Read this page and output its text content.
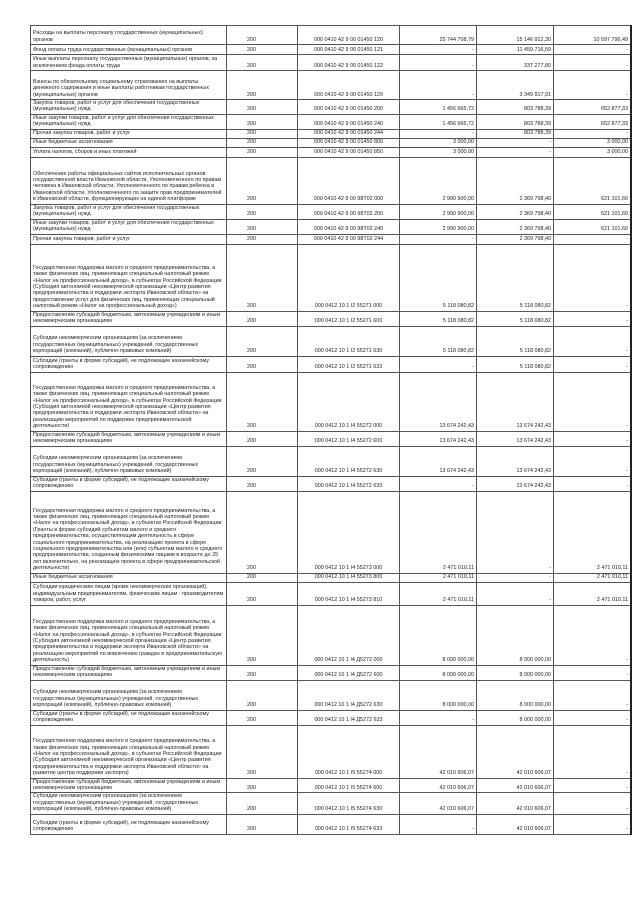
Расходы на выплаты персоналу государственных (муниципальных) органов	200	000 0410 42 9 00 01450 120	25 744 708,79	15 146 912,30	10 597 796,49
Фонд оплаты труда государственных (муниципальных) органов	200	000 0410 42 9 00 01450 121	-	11 459 716,59	-
Иные выплаты персоналу государственных (муниципальных) органов, за исключением фонда оплаты труда	200	000 0410 42 9 00 01450 122	-	337 277,80	-
Взносы по обязательному социальному страхованию на выплаты денежного содержания и иные выплаты работникам государственных (муниципальных) органов	200	000 0410 42 9 00 01450 129	-	3 349 917,91	-
Закупка товаров, работ и услуг для обеспечения государственных (муниципальных) нужд	200	000 0410 42 9 00 01450 200	1 456 665,72	803 788,39	652 877,33
Иные закупки товаров, работ и услуг для обеспечения государственных (муниципальных) нужд	200	000 0410 42 9 00 01450 240	1 456 665,72	803 788,39	652 877,33
Прочая закупка товаров, работ и услуг	200	000 0410 42 9 00 01450 244	-	803 788,39	-
Иные бюджетные ассигнования	200	000 0410 42 9 00 01450 800	3 000,00	-	3 000,00
Уплата налогов, сборов и иных платежей	200	000 0410 42 9 00 01450 850	3 000,00	-	3 000,00
Обеспечение работы официальных сайтов исполнительных органов государственной власти Ивановской области, Уполномоченного по правам человека в Ивановской области, Уполномоченного по правам ребенка в Ивановской области, Уполномоченного по защите прав предпринимателей в Ивановской области, функционирующих на единой платформе	200	000 0410 42 9 00 98Т02 000	2 990 900,00	2 369 798,40	621 101,60
Закупка товаров, работ и услуг для обеспечения государственных (муниципальных) нужд	200	000 0410 42 9 00 98Т02 200	2 990 900,00	2 369 798,40	621 101,60
Иные закупки товаров, работ и услуг для обеспечения государственных (муниципальных) нужд	200	000 0410 42 9 00 98Т02 240	2 990 900,00	2 369 798,40	621 101,60
Прочая закупка товаров, работ и услуг	200	000 0410 42 9 00 98Т02 244	-	2 369 798,40	-
Государственная поддержка малого и среднего предпринимательства, а также физических лиц, применяющих специальный налоговый режим «Налог на профессиональный доход», в субъектах Российской Федерации (Субсидия автономной некоммерческой организации «Центр развития предпринимательства и поддержки экспорта Ивановской области» на предоставление услуг для физических лиц, применяющих специальный налоговый режим «Налог на профессиональный доход»)	200	000 0412 10 1 I2 55271 000	5 118 080,82	5 118 080,82	-
Предоставление субсидий бюджетным, автономным учреждениям и иным некоммерческим организациям	200	000 0412 10 1 I2 55271 600	5 118 080,82	5 118 080,82	-
Субсидии некоммерческим организациям (за исключением государственных (муниципальных) учреждений, государственных корпораций (компаний), публично-правовых компаний)	200	000 0412 10 1 I2 55271 630	5 118 080,82	5 118 080,82	-
Субсидии (гранты в форме субсидий), не подлежащие казначейскому сопровождению	200	000 0412 10 1 I2 55271 633	-	5 118 080,82	-
Государственная поддержка малого и среднего предпринимательства, а также физических лиц, применяющих специальный налоговый режим «Налог на профессиональный доход», в субъектах Российской Федерации (Субсидия автономной некоммерческой организации «Центр развития предпринимательства и поддержки экспорта Ивановской области» на реализацию мероприятий по поддержке предпринимательской деятельности)	200	000 0412 10 1 I4 55272 000	13 674 242,43	13 674 242,43	-
Предоставление субсидий бюджетным, автономным учреждениям и иным некоммерческим организациям	200	000 0412 10 1 I4 55272 600	13 674 242,43	13 674 242,43	-
Субсидии некоммерческим организациям (за исключением государственных (муниципальных) учреждений, государственных корпораций (компаний), публично-правовых компаний)	200	000 0412 10 1 I4 55272 630	13 674 242,43	13 674 242,43	-
Субсидии (гранты в форме субсидий), не подлежащие казначейскому сопровождению	200	000 0412 10 1 I4 55272 633	-	13 674 242,43	-
Государственная поддержка малого и среднего предпринимательства, а также физических лиц, применяющих специальный налоговый режим «Налог на профессиональный доход», в субъектах Российской Федерации (Гранты в форме субсидий субъектам малого и среднего предпринимательства, осуществляющим деятельность в сфере социального предпринимательства, на реализацию проекта в сфере социального предпринимательства или (или) субъектам малого и среднего предпринимательства, созданным физическими лицами в возрасте до 25 лет включительно, на реализацию проекта в сфере предпринимательской деятельности)	200	000 0412 10 1 I4 55273 000	2 471 010,11	-	2 471 010,11
Иные бюджетные ассигнования	200	000 0412 10 1 I4 55273 800	2 471 010,11	-	2 471 010,11
Субсидии юридическим лицам (кроме некоммерческих организаций), индивидуальным предпринимателям, физическим лицам - производителям товаров, работ, услуг	200	000 0412 10 1 I4 55273 810	2 471 010,11	-	2 471 010,11
Государственная поддержка малого и среднего предпринимательства, а также физических лиц, применяющих специальный налоговый режим «Налог на профессиональный доход», в субъектах Российской Федерации (Субсидия автономной некоммерческой организации «Центр развития предпринимательства и поддержки экспорта Ивановской области» на реализацию мероприятий по вовлечению граждан в предпринимательскую деятельность)	200	000 0412 10 1 I4 Д5272 000	8 000 000,00	8 000 000,00	-
Предоставление субсидий бюджетным, автономным учреждениям и иным некоммерческим организациям	200	000 0412 10 1 I4 Д5272 600	8 000 000,00	8 000 000,00	-
Субсидии некоммерческим организациям (за исключением государственных (муниципальных) учреждений, государственных корпораций (компаний), публично-правовых компаний)	200	000 0412 10 1 I4 Д5272 630	8 000 000,00	8 000 000,00	-
Субсидии (гранты в форме субсидий), не подлежащие казначейскому сопровождению	200	000 0412 10 1 I4 Д5272 633	-	8 000 000,00	-
Государственная поддержка малого и среднего предпринимательства, а также физических лиц, применяющих специальный налоговый режим «Налог на профессиональный доход», в субъектах Российской Федерации (Субсидия автономной некоммерческой организации «Центр развития предпринимательства и поддержки экспорта Ивановской области» на развитие центра поддержки экспорта)	200	000 0412 10 1 I5 55274 000	42 010 606,07	42 010 606,07	-
Предоставление субсидий бюджетным, автономным учреждениям и иным некоммерческим организациям	200	000 0412 10 1 I5 55274 600	42 010 606,07	42 010 606,07	-
Субсидии некоммерческим организациям (за исключением государственных (муниципальных) учреждений, государственных корпораций (компаний), публично-правовых компаний)	200	000 0412 10 1 I5 55274 630	42 010 606,07	42 010 606,07	-
Субсидии (гранты в форме субсидий), не подлежащие казначейскому сопровождению	200	000 0412 10 1 I5 55274 633	-	42 010 606,07	-
